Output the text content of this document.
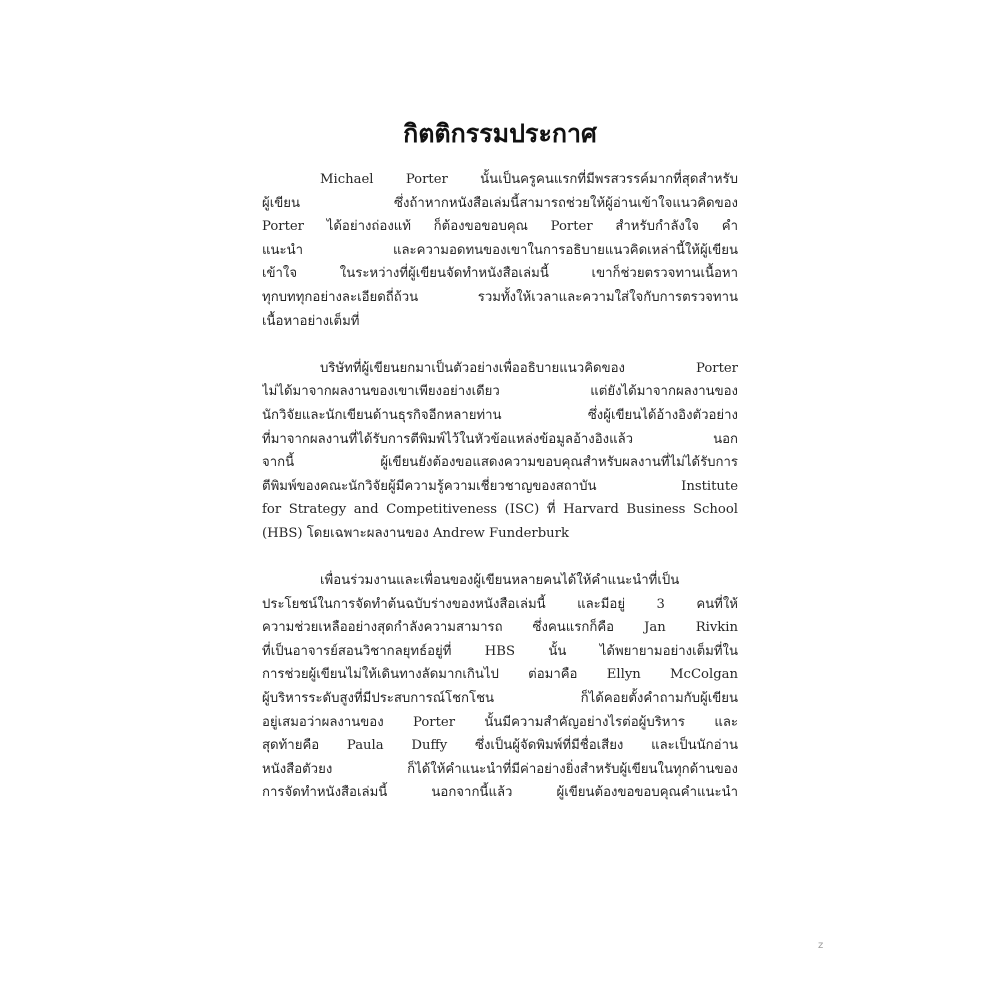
กิตติกรรมประกาศ
Michael Porter นั้นเป็นครูคนแรกที่มีพรสวรรค์มากที่สุดสำหรับ
ผู้เขียน ซึ่งถ้าหากหนังสือเล่มนี้สามารถช่วยให้ผู้อ่านเข้าใจแนวคิดของ
Porter ได้อย่างถ่องแท้ ก็ต้องขอขอบคุณ Porter สำหรับกำลังใจ คำ
แนะนำ และความอดทนของเขาในการอธิบายแนวคิดเหล่านี้ให้ผู้เขียน
เข้าใจ ในระหว่างที่ผู้เขียนจัดทำหนังสือเล่มนี้ เขาก็ช่วยตรวจทานเนื้อหา
ทุกบททุกอย่างละเอียดถี่ถ้วน รวมทั้งให้เวลาและความใส่ใจกับการตรวจทาน
เนื้อหาอย่างเต็มที่
บริษัทที่ผู้เขียนยกมาเป็นตัวอย่างเพื่ออธิบายแนวคิดของ Porter
ไม่ได้มาจากผลงานของเขาเพียงอย่างเดียว แต่ยังได้มาจากผลงานของ
นักวิจัยและนักเขียนด้านธุรกิจอีกหลายท่าน ซึ่งผู้เขียนได้อ้างอิงตัวอย่าง
ที่มาจากผลงานที่ได้รับการตีพิมพ์ไว้ในหัวข้อแหล่งข้อมูลอ้างอิงแล้ว นอก
จากนี้ ผู้เขียนยังต้องขอแสดงความขอบคุณสำหรับผลงานที่ไม่ได้รับการ
ตีพิมพ์ของคณะนักวิจัยผู้มีความรู้ความเชี่ยวชาญของสถาบัน Institute
for Strategy and Competitiveness (ISC) ที่ Harvard Business School
(HBS) โดยเฉพาะผลงานของ Andrew Funderburk
เพื่อนร่วมงานและเพื่อนของผู้เขียนหลายคนได้ให้คำแนะนำที่เป็น
ประโยชน์ในการจัดทำต้นฉบับร่างของหนังสือเล่มนี้ และมีอยู่ 3 คนที่ให้
ความช่วยเหลืออย่างสุดกำลังความสามารถ ซึ่งคนแรกก็คือ Jan Rivkin
ที่เป็นอาจารย์สอนวิชากลยุทธ์อยู่ที่ HBS นั้น ได้พยายามอย่างเต็มที่ใน
การช่วยผู้เขียนไม่ให้เดินทางลัดมากเกินไป ต่อมาคือ Ellyn McColgan
ผู้บริหารระดับสูงที่มีประสบการณ์โชกโชน ก็ได้คอยตั้งคำถามกับผู้เขียน
อยู่เสมอว่าผลงานของ Porter นั้นมีความสำคัญอย่างไรต่อผู้บริหาร และ
สุดท้ายคือ Paula Duffy ซึ่งเป็นผู้จัดพิมพ์ที่มีชื่อเสียง และเป็นนักอ่าน
หนังสือตัวยง ก็ได้ให้คำแนะนำที่มีค่าอย่างยิ่งสำหรับผู้เขียนในทุกด้านของ
การจัดทำหนังสือเล่มนี้ นอกจากนี้แล้ว ผู้เขียนต้องขอขอบคุณคำแนะนำ
z
